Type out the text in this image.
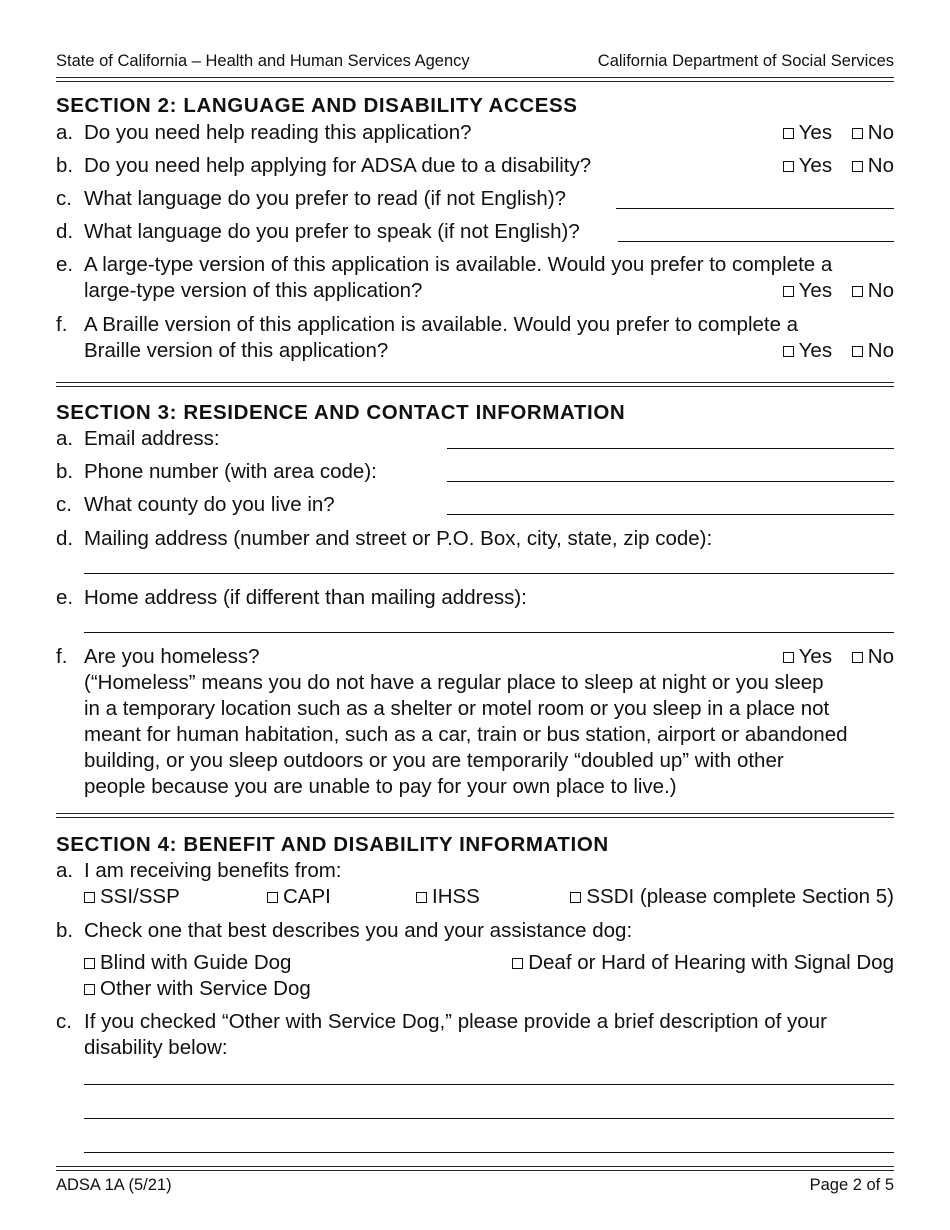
State of California – Health and Human Services Agency	California Department of Social Services
SECTION 2: LANGUAGE AND DISABILITY ACCESS
a. Do you need help reading this application?	Yes No
b. Do you need help applying for ADSA due to a disability?	Yes No
c. What language do you prefer to read (if not English)?
d. What language do you prefer to speak (if not English)?
e. A large-type version of this application is available. Would you prefer to complete a
large-type version of this application?	Yes No
f. A Braille version of this application is available. Would you prefer to complete a
Braille version of this application?	Yes No
SECTION 3: RESIDENCE AND CONTACT INFORMATION
a. Email address:
b. Phone number (with area code):
c. What county do you live in?
d. Mailing address (number and street or P.O. Box, city, state, zip code):
e. Home address (if different than mailing address):
f. Are you homeless?	Yes No
(“Homeless” means you do not have a regular place to sleep at night or you sleep
in a temporary location such as a shelter or motel room or you sleep in a place not
meant for human habitation, such as a car, train or bus station, airport or abandoned
building, or you sleep outdoors or you are temporarily “doubled up” with other
people because you are unable to pay for your own place to live.)
SECTION 4: BENEFIT AND DISABILITY INFORMATION
a. I am receiving benefits from:
SSI/SSP	CAPI	IHSS	SSDI (please complete Section 5)
b. Check one that best describes you and your assistance dog:
Blind with Guide Dog	Deaf or Hard of Hearing with Signal Dog
Other with Service Dog
c. If you checked “Other with Service Dog,” please provide a brief description of your
disability below:
ADSA 1A (5/21)	Page 2 of 5
